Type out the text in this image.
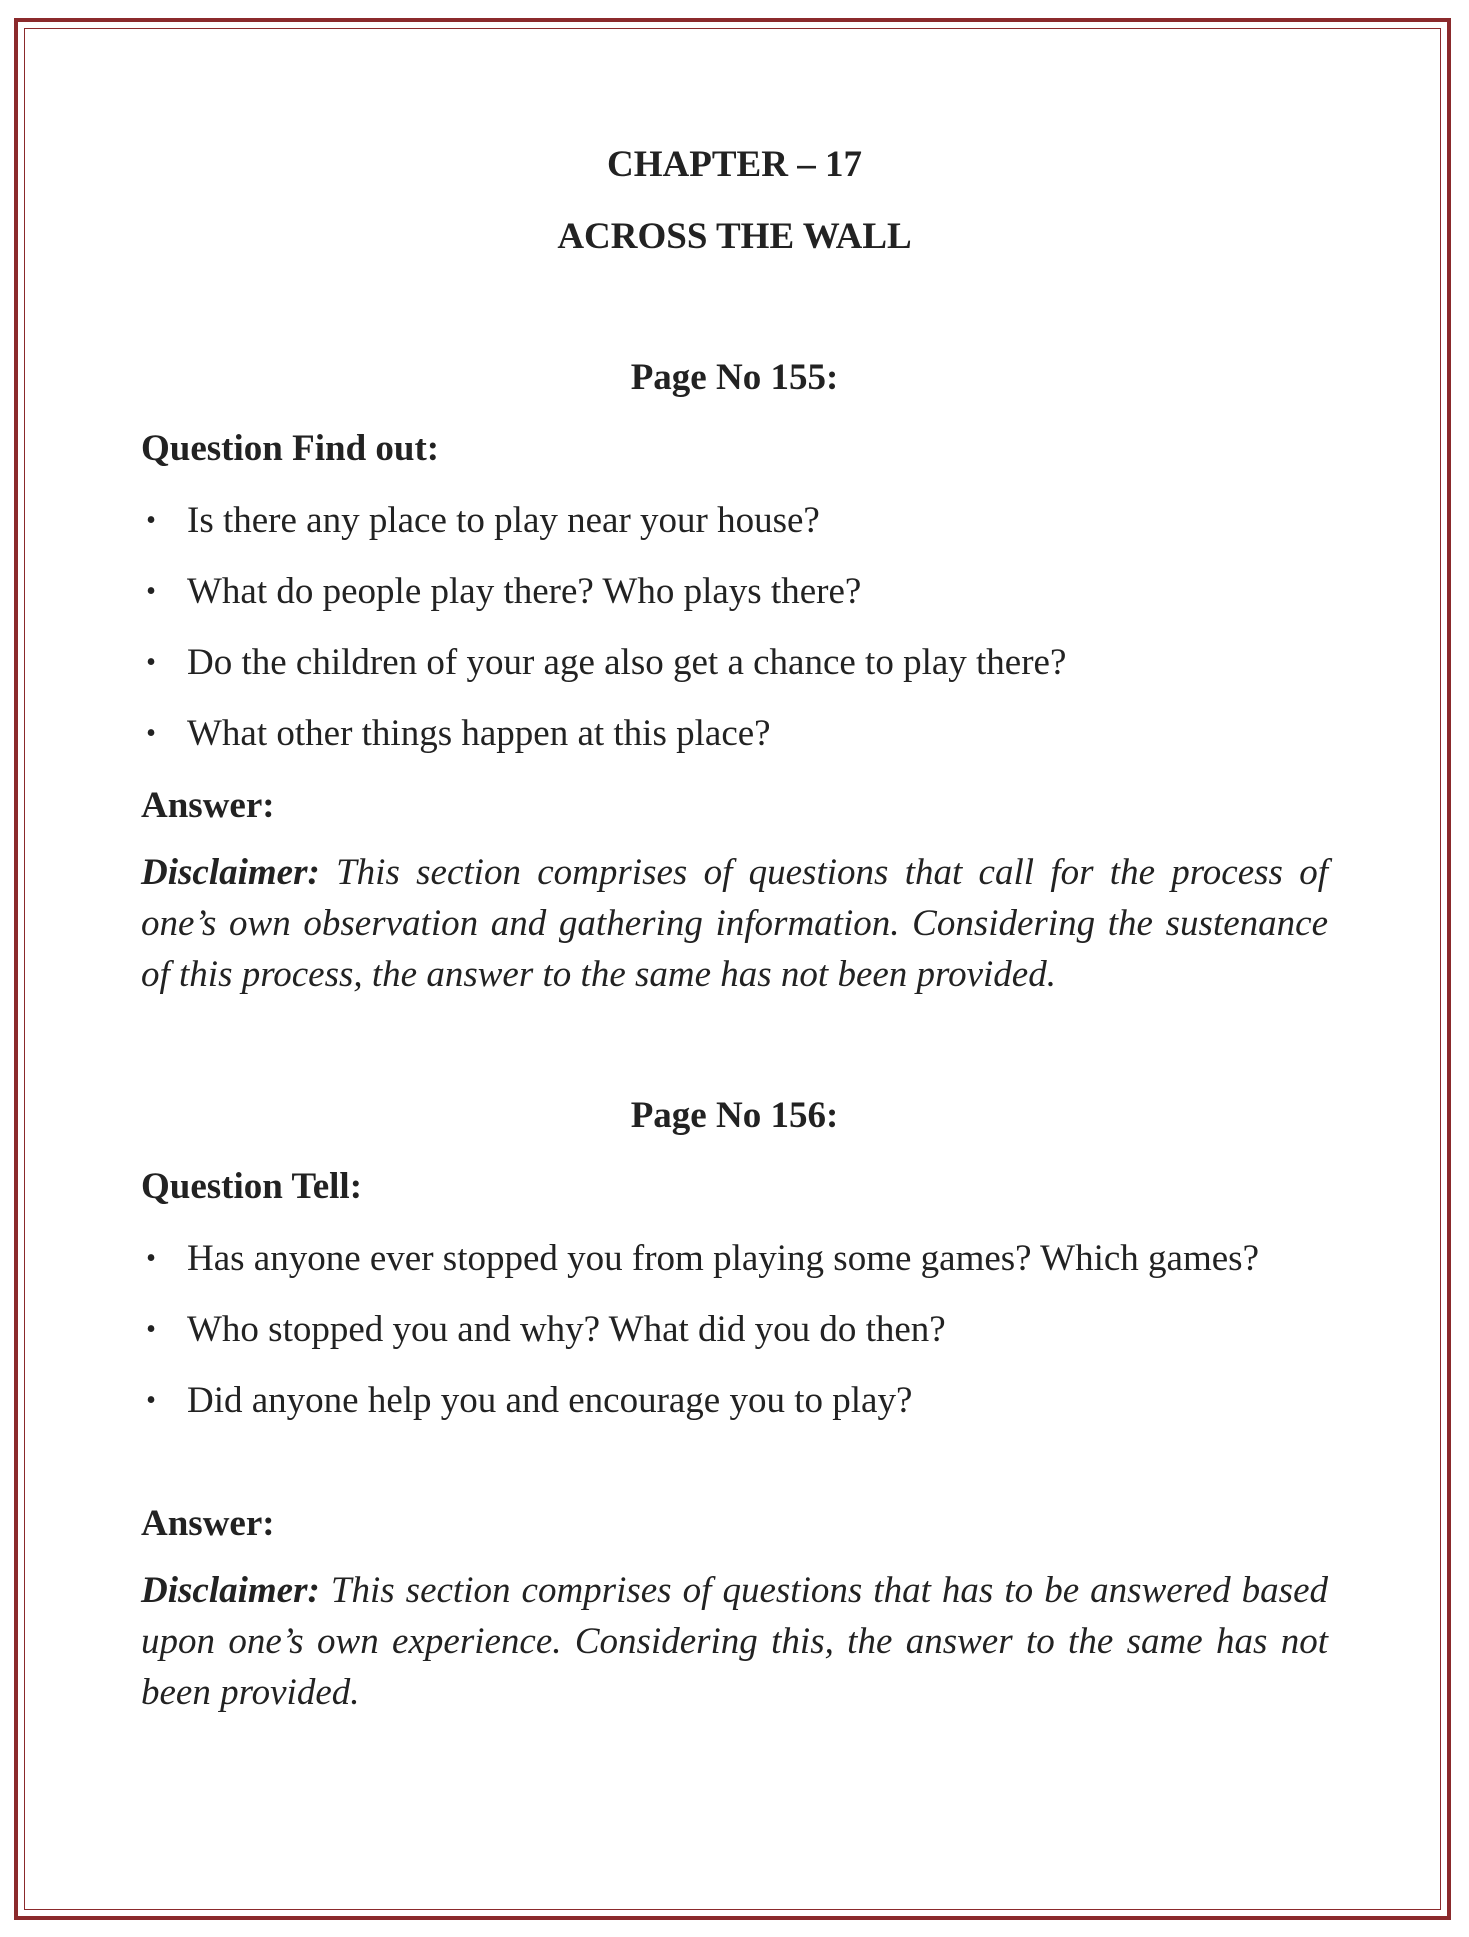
CHAPTER – 17
ACROSS THE WALL
Page No 155:
Question Find out:
• Is there any place to play near your house?
• What do people play there? Who plays there?
• Do the children of your age also get a chance to play there?
• What other things happen at this place?
Answer:

Disclaimer: This section comprises of questions that call for the process of one’s own observation and gathering information. Considering the sustenance of this process, the answer to the same has not been provided.

Page No 156:
Question Tell:
• Has anyone ever stopped you from playing some games? Which games?
• Who stopped you and why? What did you do then?
• Did anyone help you and encourage you to play?
Answer:

Disclaimer: This section comprises of questions that has to be answered based upon one’s own experience. Considering this, the answer to the same has not been provided.
